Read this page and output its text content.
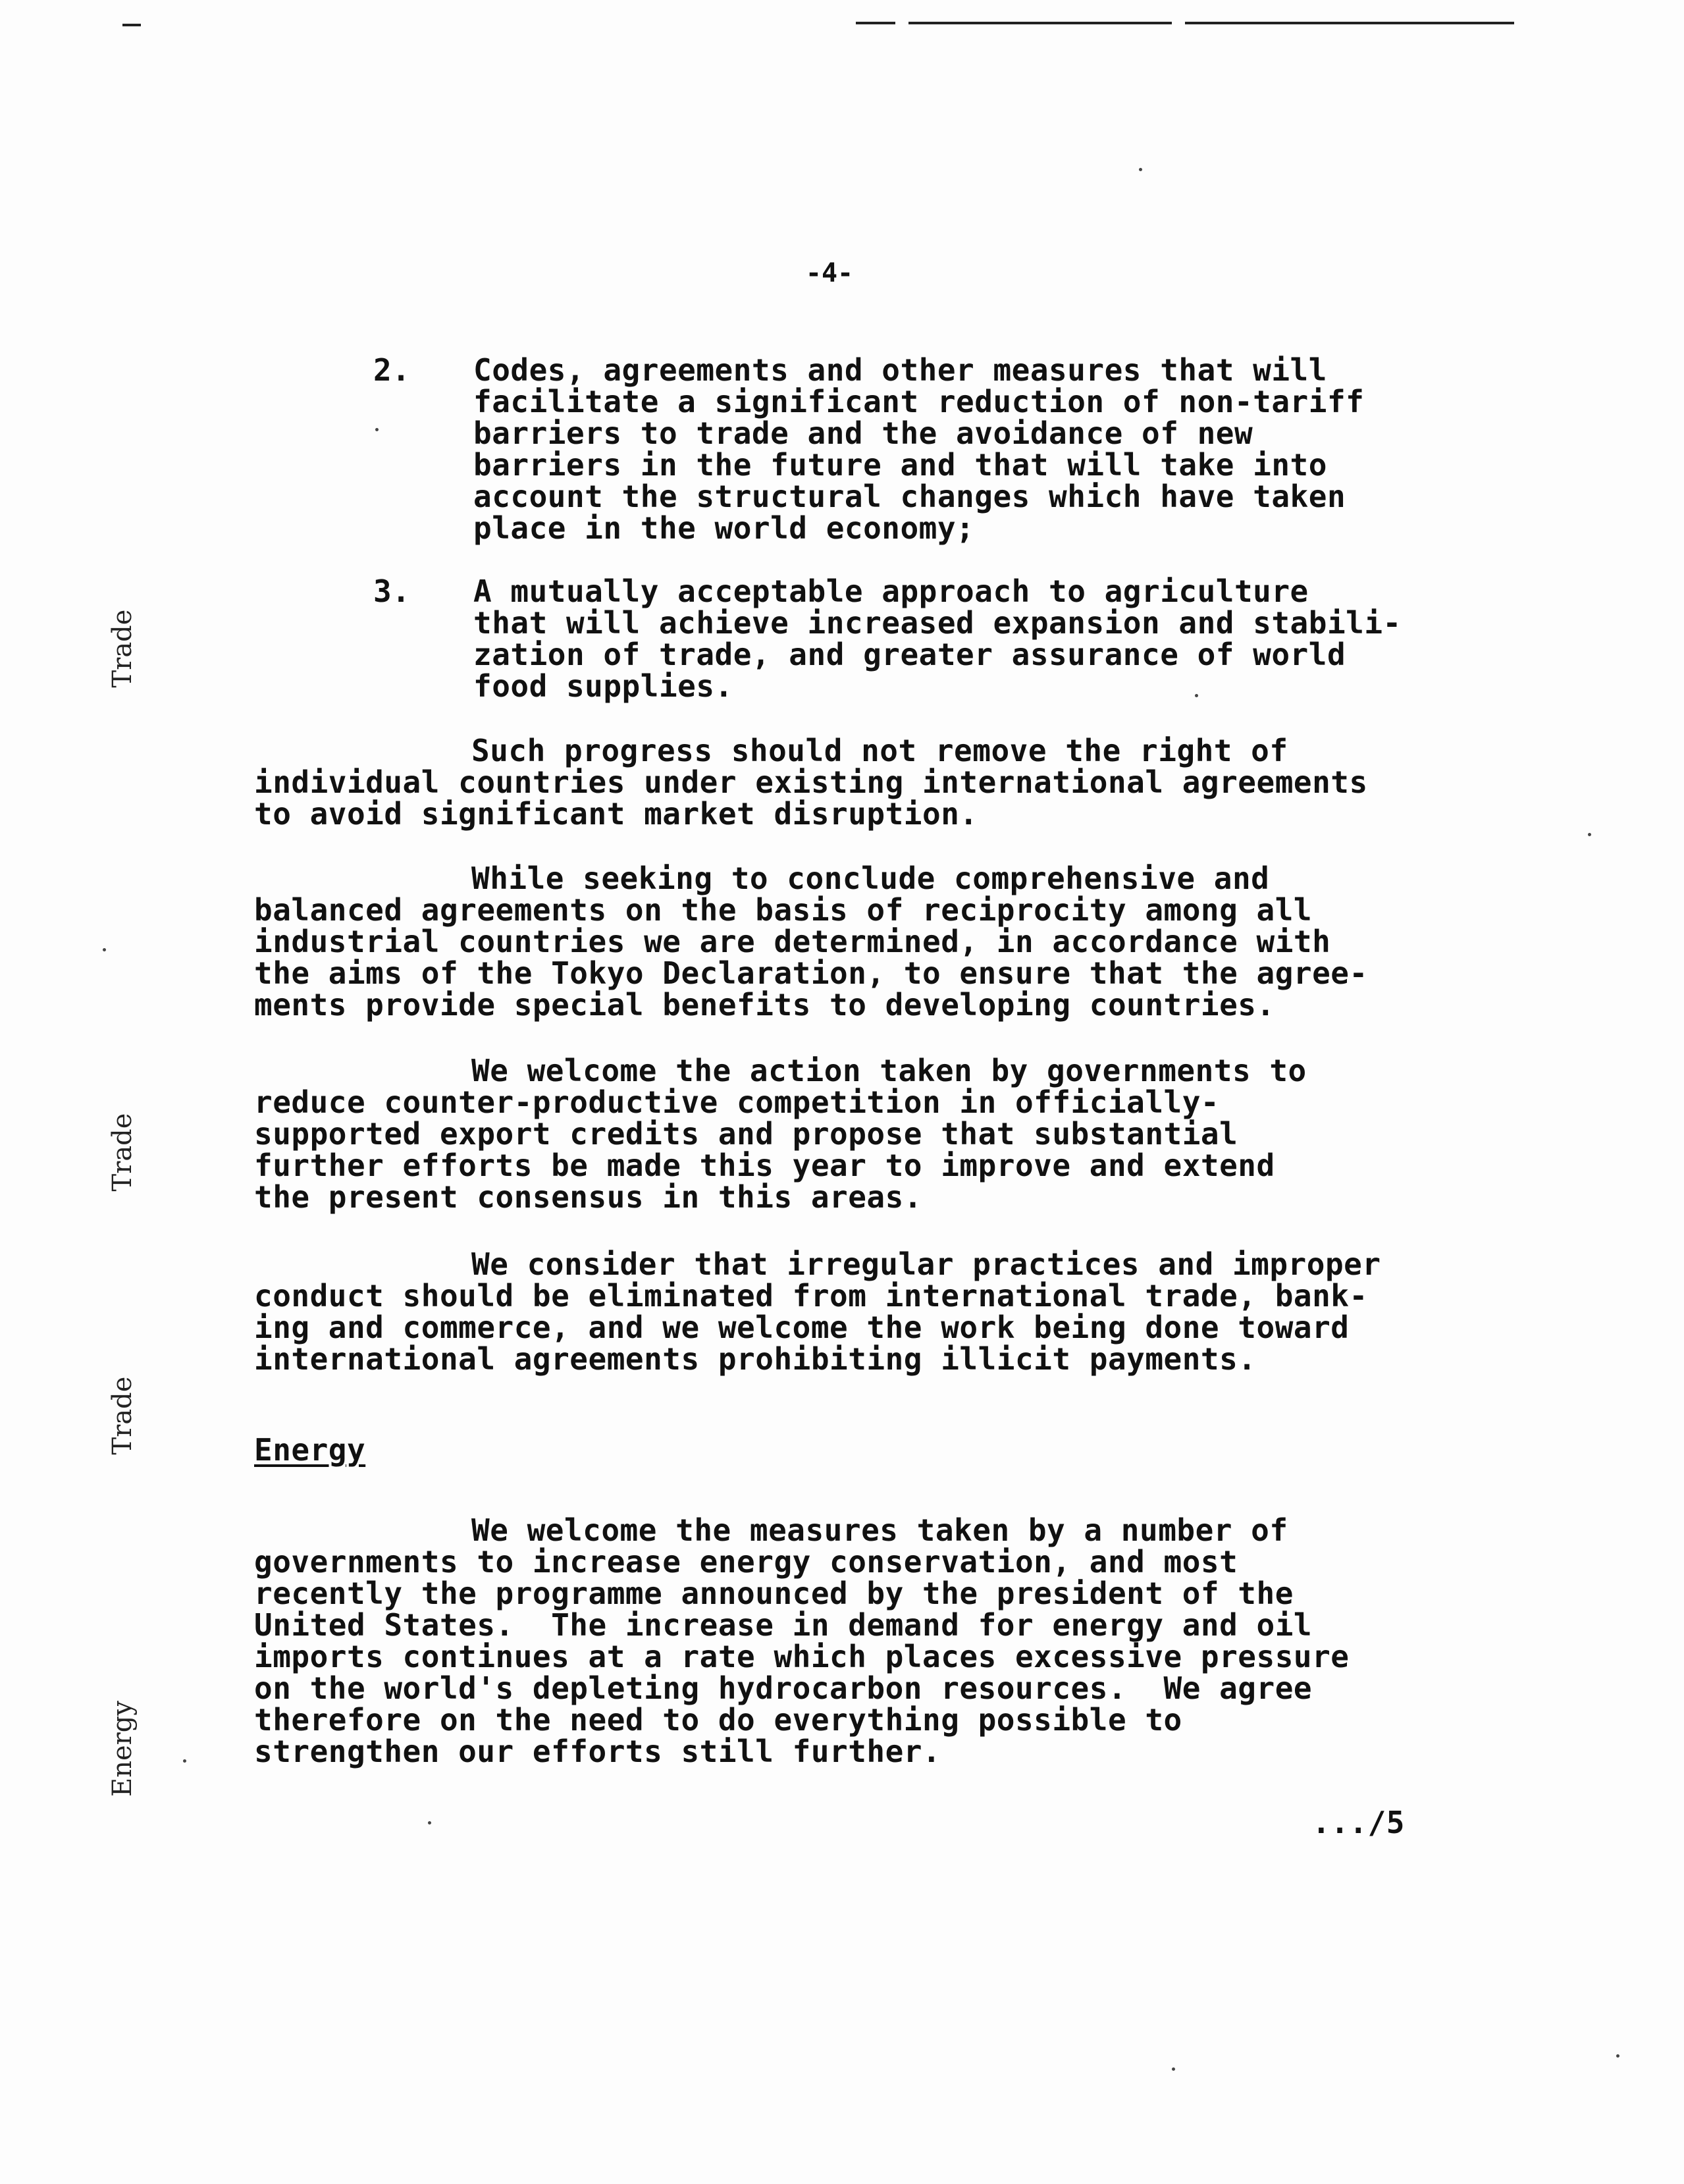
-4-
Trade
Trade
Trade
Energy
2.	Codes, agreements and other measures that will
facilitate a significant reduction of non-tariff
barriers to trade and the avoidance of new
barriers in the future and that will take into
account the structural changes which have taken
place in the world economy;
3.	A mutually acceptable approach to agriculture
that will achieve increased expansion and stabili-
zation of trade, and greater assurance of world
food supplies.
Such progress should not remove the right of
individual countries under existing international agreements
to avoid significant market disruption.
While seeking to conclude comprehensive and
balanced agreements on the basis of reciprocity among all
industrial countries we are determined, in accordance with
the aims of the Tokyo Declaration, to ensure that the agree-
ments provide special benefits to developing countries.
We welcome the action taken by governments to
reduce counter-productive competition in officially-
supported export credits and propose that substantial
further efforts be made this year to improve and extend
the present consensus in this areas.
We consider that irregular practices and improper
conduct should be eliminated from international trade, bank-
ing and commerce, and we welcome the work being done toward
international agreements prohibiting illicit payments.
Energy
We welcome the measures taken by a number of
governments to increase energy conservation, and most
recently the programme announced by the president of the
United States.  The increase in demand for energy and oil
imports continues at a rate which places excessive pressure
on the world's depleting hydrocarbon resources.  We agree
therefore on the need to do everything possible to
strengthen our efforts still further.
.../5
